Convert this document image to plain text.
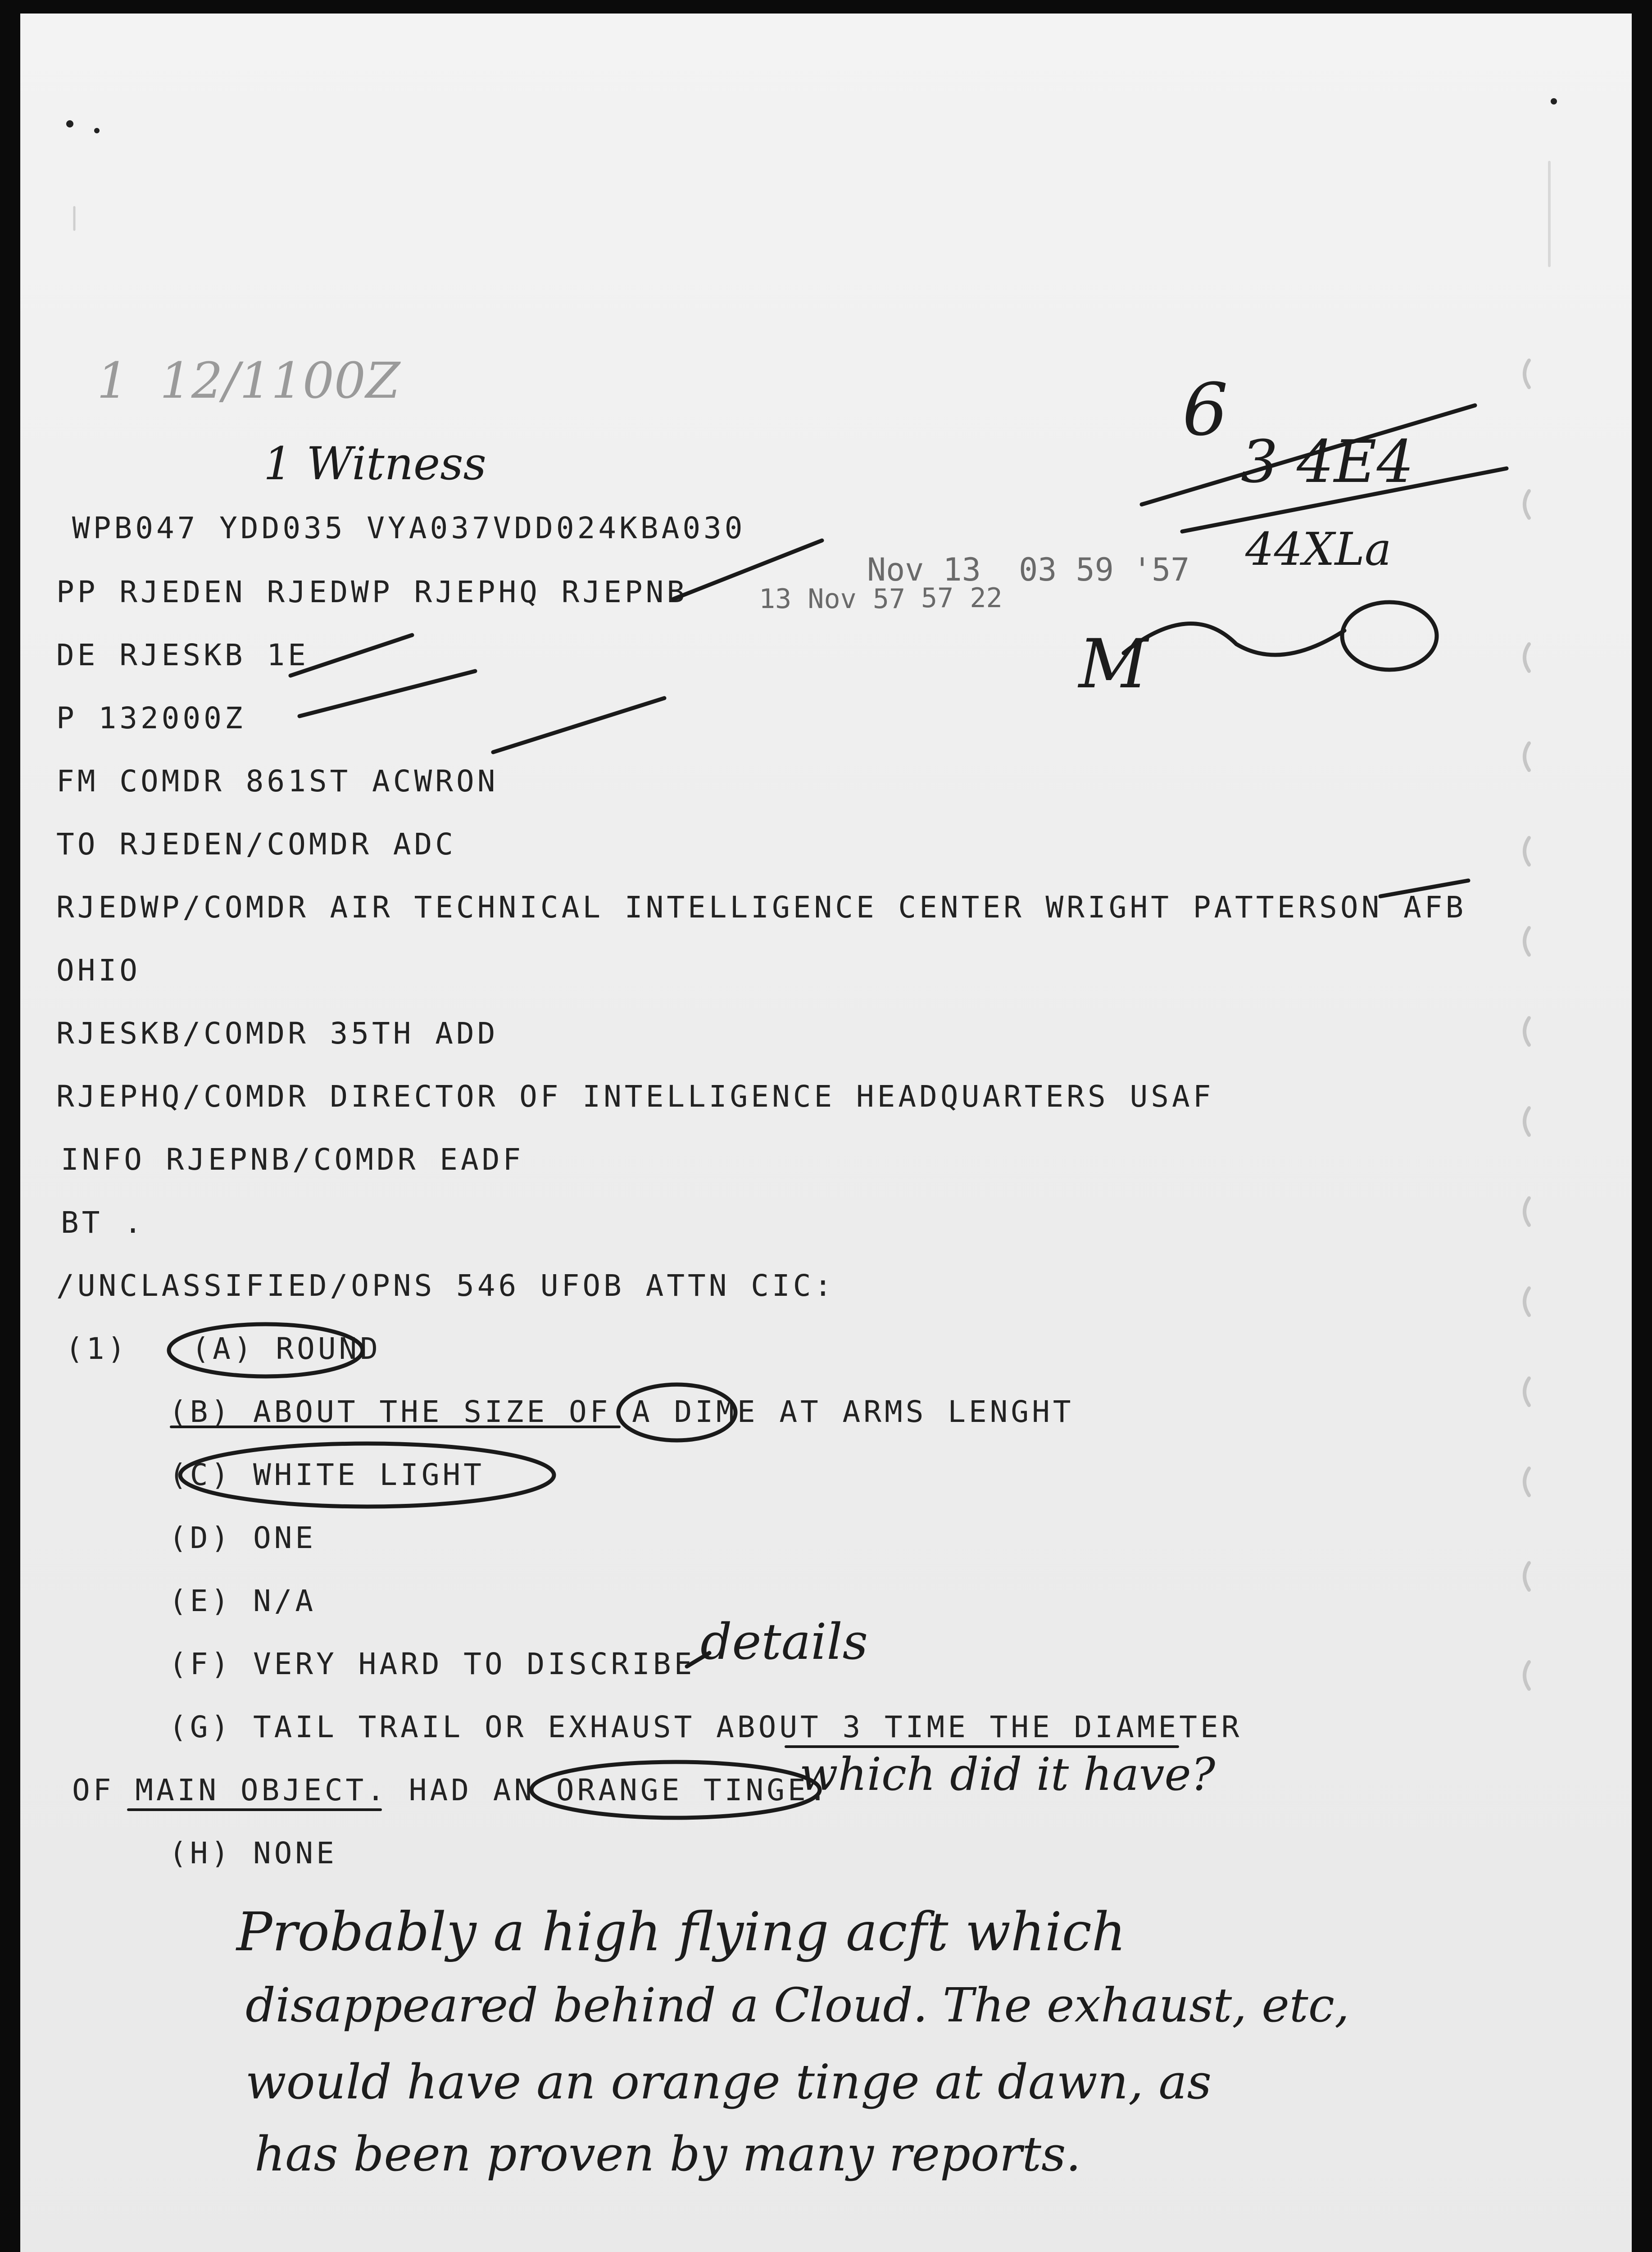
1  12/1100Z
1 Witness
6
3 4E4
44XLa
M
13 Nov 57
Nov 13  03 59 '57
57 22
WPB047 YDD035 VYA037VDD024KBA030
PP RJEDEN RJEDWP RJEPHQ RJEPNB
DE RJESKB 1E
P 132000Z
FM COMDR 861ST ACWRON
TO RJEDEN/COMDR ADC
RJEDWP/COMDR AIR TECHNICAL INTELLIGENCE CENTER WRIGHT PATTERSON AFB
OHIO
RJESKB/COMDR 35TH ADD
RJEPHQ/COMDR DIRECTOR OF INTELLIGENCE HEADQUARTERS USAF
INFO RJEPNB/COMDR EADF
BT .
/UNCLASSIFIED/OPNS 546 UFOB ATTN CIC:
(1)   (A) ROUND
(B) ABOUT THE SIZE OF A DIME AT ARMS LENGHT
(C) WHITE LIGHT
(D) ONE
(E) N/A
(F) VERY HARD TO DISCRIBE details
(G) TAIL TRAIL OR EXHAUST ABOUT 3 TIME THE DIAMETER
OF MAIN OBJECT. HAD AN ORANGE TINGE.
which did it have?
(H) NONE
Probably a high flying acft which
disappeared behind a Cloud. The exhaust, etc,
would have an orange tinge at dawn, as
has been proven by many reports.
